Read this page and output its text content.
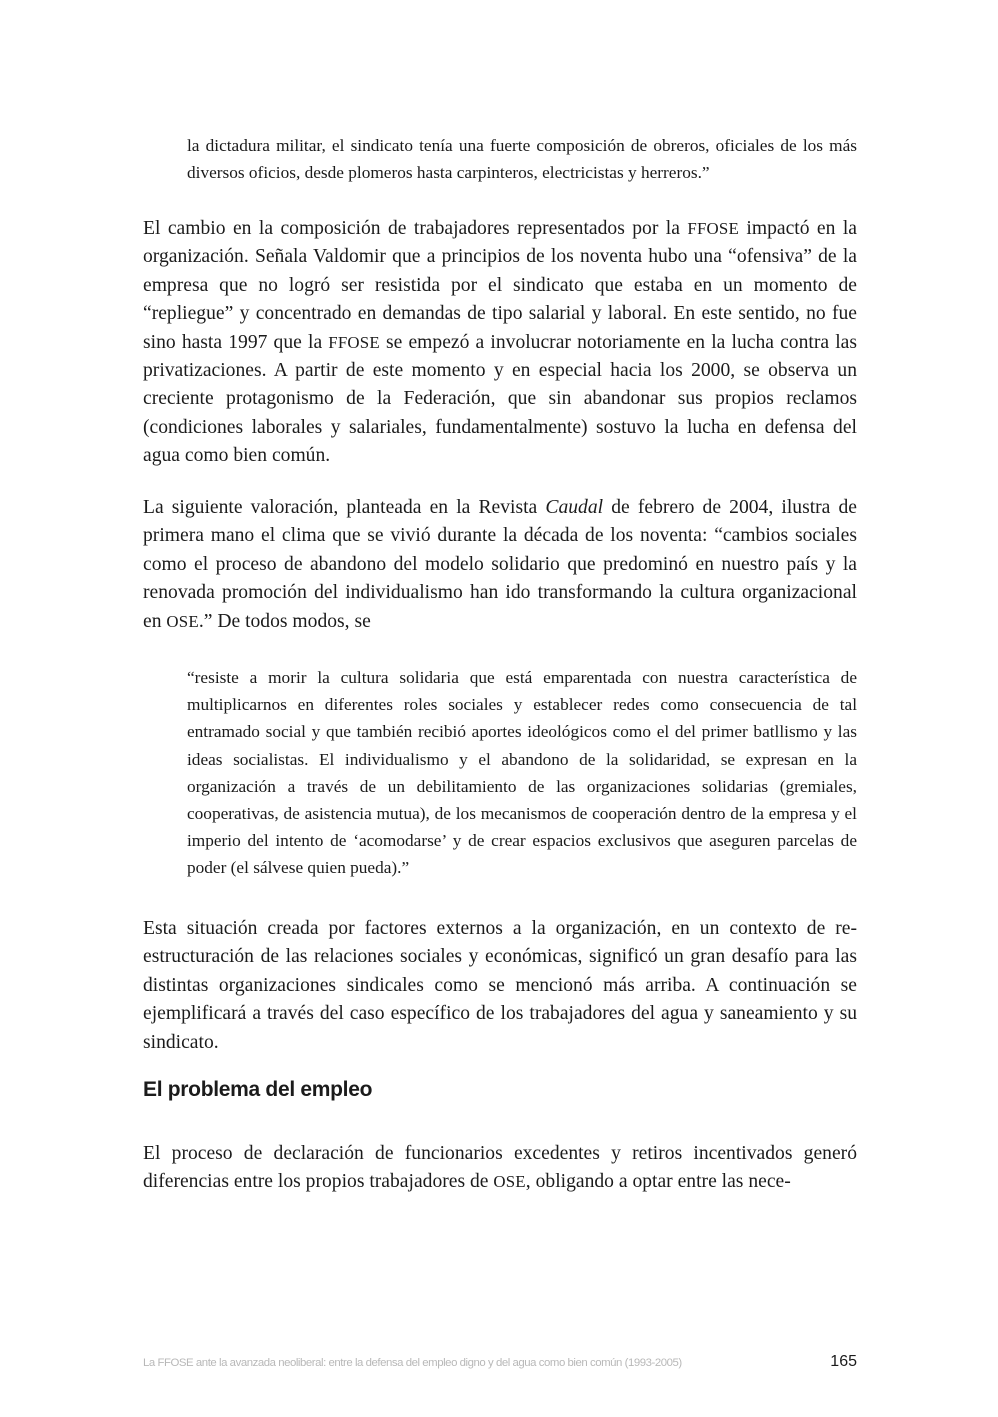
la dictadura militar, el sindicato tenía una fuerte composición de obreros, oficiales de los más diversos oficios, desde plomeros hasta carpinteros, electricistas y herreros.”

El cambio en la composición de trabajadores representados por la FFOSE impactó en la organización. Señala Valdomir que a principios de los noventa hubo una “ofensiva” de la empresa que no logró ser resistida por el sindicato que estaba en un momento de “repliegue” y concentrado en demandas de tipo salarial y laboral. En este sentido, no fue sino hasta 1997 que la FFOSE se empezó a involucrar notoriamente en la lucha contra las privatizaciones. A partir de este momento y en especial hacia los 2000, se observa un creciente protagonismo de la Federación, que sin abandonar sus propios reclamos (condiciones laborales y salariales, fundamentalmente) sostuvo la lucha en defensa del agua como bien común.

La siguiente valoración, planteada en la Revista Caudal de febrero de 2004, ilustra de primera mano el clima que se vivió durante la década de los noventa: “cambios sociales como el proceso de abandono del modelo solidario que predominó en nuestro país y la renovada promoción del individualismo han ido transformando la cultura organizacional en OSE.” De todos modos, se

“resiste a morir la cultura solidaria que está emparentada con nuestra característica de multiplicarnos en diferentes roles sociales y establecer redes como consecuencia de tal entramado social y que también recibió aportes ideológicos como el del primer batllismo y las ideas socialistas. El individualismo y el abandono de la solidaridad, se expresan en la organización a través de un debilitamiento de las organizaciones solidarias (gremiales, cooperativas, de asistencia mutua), de los mecanismos de cooperación dentro de la empresa y el imperio del intento de ‘acomodarse’ y de crear espacios exclusivos que aseguren parcelas de poder (el sálvese quien pueda).”

Esta situación creada por factores externos a la organización, en un contexto de re- estructuración de las relaciones sociales y económicas, significó un gran desafío para las distintas organizaciones sindicales como se mencionó más arriba. A continuación se ejemplificará a través del caso específico de los trabajadores del agua y saneamiento y su sindicato.

El problema del empleo

El proceso de declaración de funcionarios excedentes y retiros incentivados generó diferencias entre los propios trabajadores de OSE, obligando a optar entre las nece-

La FFOSE ante la avanzada neoliberal: entre la defensa del empleo digno y del agua como bien común (1993-2005)	165
